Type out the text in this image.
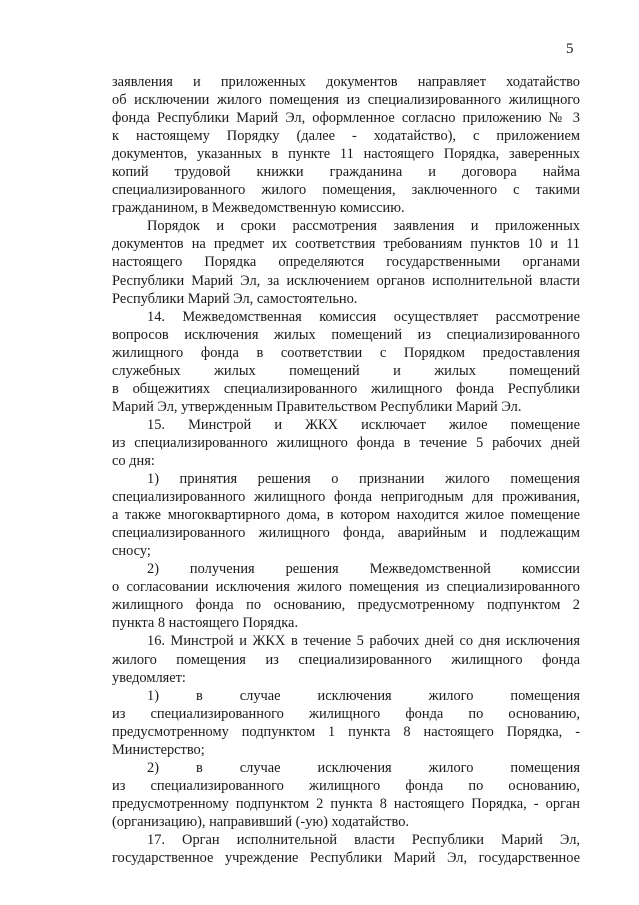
5
заявления и приложенных документов направляет ходатайство
об исключении жилого помещения из специализированного жилищного
фонда Республики Марий Эл, оформленное согласно приложению № 3
к настоящему Порядку (далее - ходатайство), с приложением
документов, указанных в пункте 11 настоящего Порядка, заверенных
копий трудовой книжки гражданина и договора найма
специализированного жилого помещения, заключенного с такими
гражданином, в Межведомственную комиссию.
Порядок и сроки рассмотрения заявления и приложенных
документов на предмет их соответствия требованиям пунктов 10 и 11
настоящего Порядка определяются государственными органами
Республики Марий Эл, за исключением органов исполнительной власти
Республики Марий Эл, самостоятельно.
14. Межведомственная комиссия осуществляет рассмотрение
вопросов исключения жилых помещений из специализированного
жилищного фонда в соответствии с Порядком предоставления
служебных жилых помещений и жилых помещений
в общежитиях специализированного жилищного фонда Республики
Марий Эл, утвержденным Правительством Республики Марий Эл.
15. Минстрой и ЖКХ исключает жилое помещение
из специализированного жилищного фонда в течение 5 рабочих дней
со дня:
1) принятия решения о признании жилого помещения
специализированного жилищного фонда непригодным для проживания,
а также многоквартирного дома, в котором находится жилое помещение
специализированного жилищного фонда, аварийным и подлежащим
сносу;
2) получения решения Межведомственной комиссии
о согласовании исключения жилого помещения из специализированного
жилищного фонда по основанию, предусмотренному подпунктом 2
пункта 8 настоящего Порядка.
16. Минстрой и ЖКХ в течение 5 рабочих дней со дня исключения
жилого помещения из специализированного жилищного фонда
уведомляет:
1) в случае исключения жилого помещения
из специализированного жилищного фонда по основанию,
предусмотренному подпунктом 1 пункта 8 настоящего Порядка, -
Министерство;
2) в случае исключения жилого помещения
из специализированного жилищного фонда по основанию,
предусмотренному подпунктом 2 пункта 8 настоящего Порядка, - орган
(организацию), направивший (-ую) ходатайство.
17. Орган исполнительной власти Республики Марий Эл,
государственное учреждение Республики Марий Эл, государственное
